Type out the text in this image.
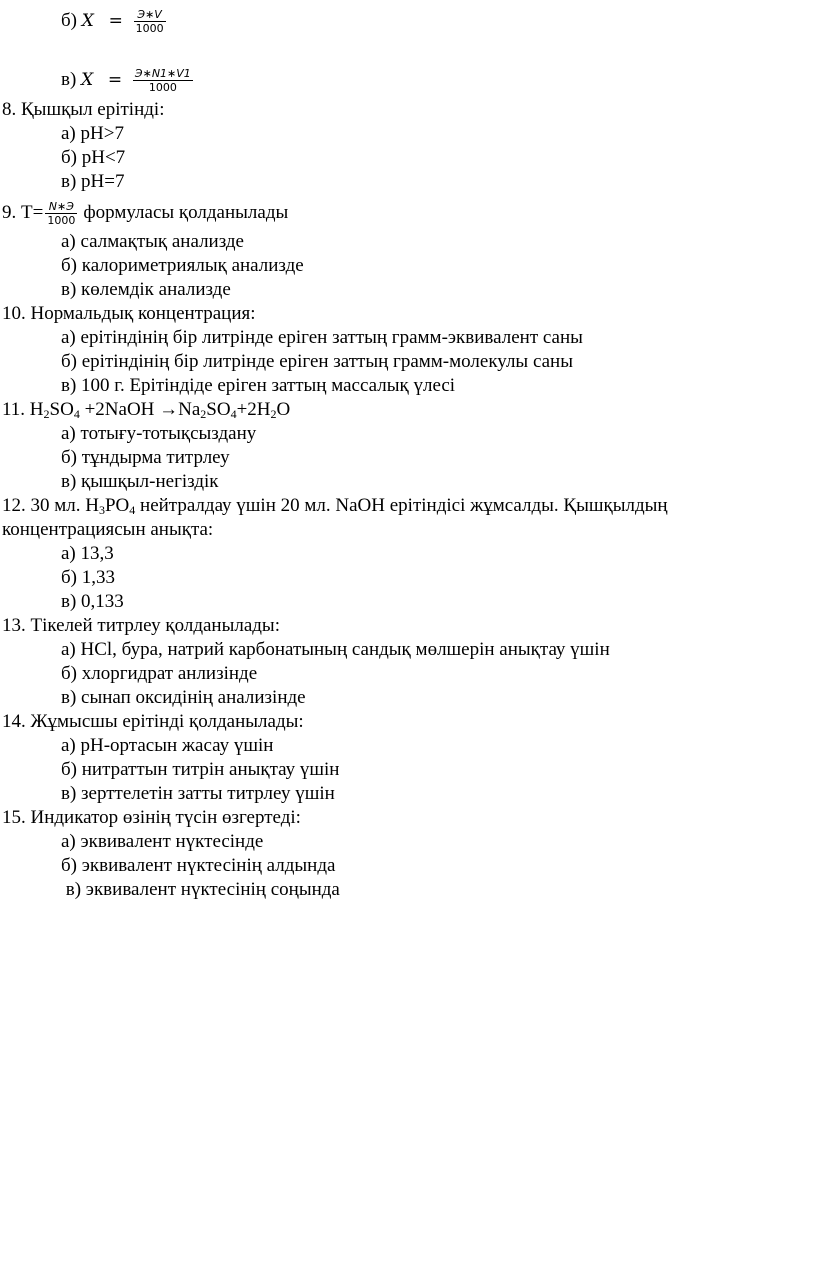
б) $X = \frac{Э∗V}{1000}$
в) $X = \frac{Э∗N1∗V1}{1000}$
8. Қышқыл ерітінді:
а) pH>7
б) pH<7
в) pH=7
9. $Т= \frac{N∗Э}{1000}$ формуласы қолданылады
а) салмақтық анализде
б) калориметриялық анализде
в) көлемдік анализде
10. Нормальдық концентрация:
а) ерітіндінің бір литрінде еріген заттың грамм-эквивалент саны
б) ерітіндінің бір литрінде еріген заттың грамм-молекулы саны
в) 100 г. Ерітіндіде еріген заттың массалық үлесі
11. $H_2SO_4$ +2NaOH $\to Na_2SO_4+2H_2O$
а) тотығу-тотықсыздану
б) тұндырма титрлеу
в) қышқыл-негіздік
12. 30 мл. $H_3PO_4$ нейтралдау үшін 20 мл. NaOH ерітіндісі жұмсалды. Қышқылдың
концентрациясын анықта:
а) 13,3
б) 1,33
в) 0,133
13. Тікелей титрлеу қолданылады:
а) HCl, бура, натрий карбонатының сандық мөлшерін анықтау үшін
б) хлоргидрат анлизінде
в) сынап оксидінің анализінде
14. Жұмысшы ерітінді қолданылады:
а) pH-ортасын жасау үшін
б) нитраттын титрін анықтау үшін
в) зерттелетін затты титрлеу үшін
15. Индикатор өзінің түсін өзгертеді:
а) эквивалент нүктесінде
б) эквивалент нүктесінің алдында
в) эквивалент нүктесінің соңында
